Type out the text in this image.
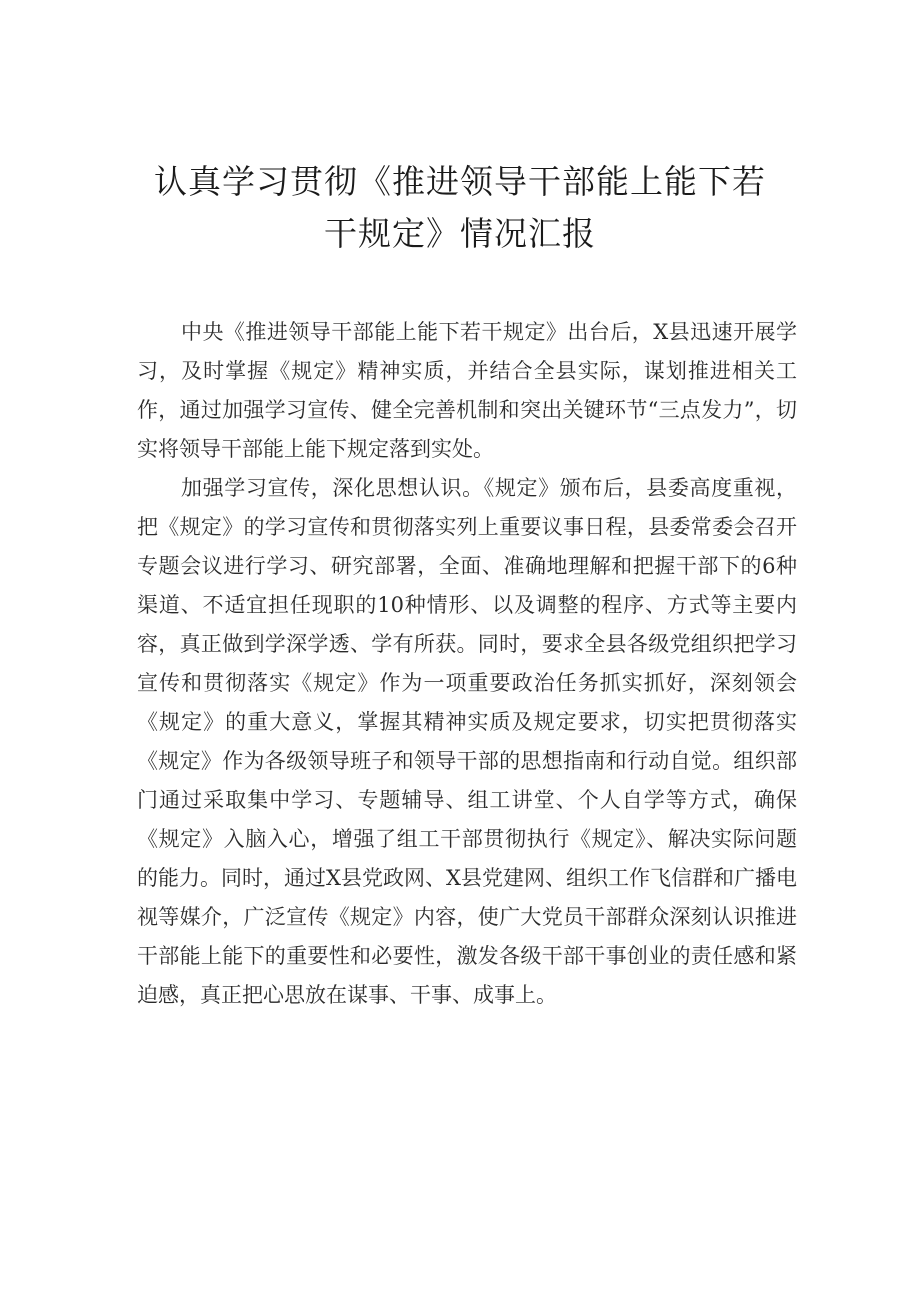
认真学习贯彻《推进领导干部能上能下若
干规定》情况汇报

中央《推进领导干部能上能下若干规定》出台后，X县迅速开展学习，及时掌握《规定》精神实质，并结合全县实际，谋划推进相关工作，通过加强学习宣传、健全完善机制和突出关键环节“三点发力”，切实将领导干部能上能下规定落到实处。

加强学习宣传，深化思想认识。《规定》颁布后，县委高度重视，把《规定》的学习宣传和贯彻落实列上重要议事日程，县委常委会召开专题会议进行学习、研究部署，全面、准确地理解和把握干部下的6种渠道、不适宜担任现职的10种情形、以及调整的程序、方式等主要内容，真正做到学深学透、学有所获。同时，要求全县各级党组织把学习宣传和贯彻落实《规定》作为一项重要政治任务抓实抓好，深刻领会《规定》的重大意义，掌握其精神实质及规定要求，切实把贯彻落实《规定》作为各级领导班子和领导干部的思想指南和行动自觉。组织部门通过采取集中学习、专题辅导、组工讲堂、个人自学等方式，确保《规定》入脑入心，增强了组工干部贯彻执行《规定》、解决实际问题的能力。同时，通过X县党政网、X县党建网、组织工作飞信群和广播电视等媒介，广泛宣传《规定》内容，使广大党员干部群众深刻认识推进干部能上能下的重要性和必要性，激发各级干部干事创业的责任感和紧迫感，真正把心思放在谋事、干事、成事上。
